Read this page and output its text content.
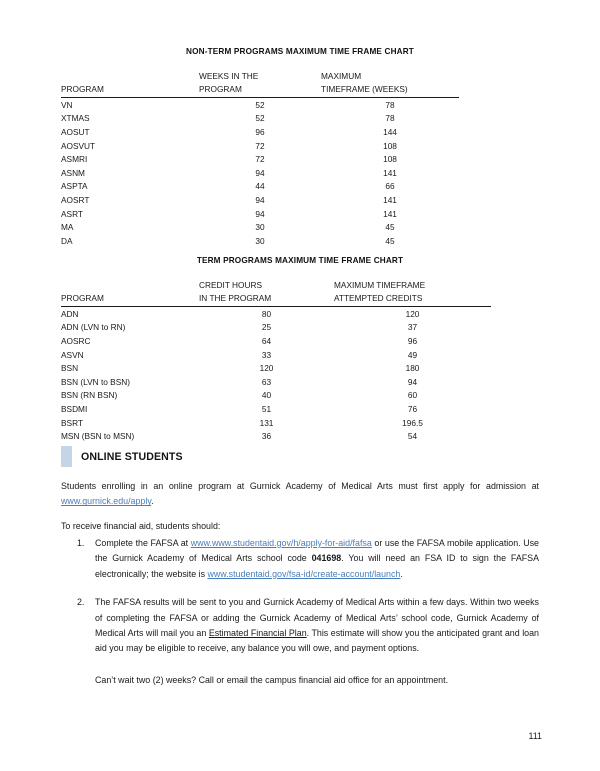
NON-TERM PROGRAMS MAXIMUM TIME FRAME CHART
	WEEKS IN THE	MAXIMUM
PROGRAM	PROGRAM	TIMEFRAME (WEEKS)
VN	52	78
XTMAS	52	78
AOSUT	96	144
AOSVUT	72	108
ASMRI	72	108
ASNM	94	141
ASPTA	44	66
AOSRT	94	141
ASRT	94	141
MA	30	45
DA	30	45
TERM PROGRAMS MAXIMUM TIME FRAME CHART
	CREDIT HOURS	MAXIMUM TIMEFRAME
PROGRAM	IN THE PROGRAM	ATTEMPTED CREDITS
ADN	80	120
ADN (LVN to RN)	25	37
AOSRC	64	96
ASVN	33	49
BSN	120	180
BSN (LVN to BSN)	63	94
BSN (RN BSN)	40	60
BSDMI	51	76
BSRT	131	196.5
MSN (BSN to MSN)	36	54
ONLINE STUDENTS
Students enrolling in an online program at Gurnick Academy of Medical Arts must first apply for admission at www.gurnick.edu/apply.
To receive financial aid, students should:
1.	Complete the FAFSA at www.www.studentaid.gov/h/apply-for-aid/fafsa or use the FAFSA mobile application. Use the Gurnick Academy of Medical Arts school code 041698. You will need an FSA ID to sign the FAFSA electronically; the website is www.studentaid.gov/fsa-id/create-account/launch.
2.	The FAFSA results will be sent to you and Gurnick Academy of Medical Arts within a few days. Within two weeks of completing the FAFSA or adding the Gurnick Academy of Medical Arts’ school code, Gurnick Academy of Medical Arts will mail you an Estimated Financial Plan. This estimate will show you the anticipated grant and loan aid you may be eligible to receive, any balance you will owe, and payment options.
Can’t wait two (2) weeks? Call or email the campus financial aid office for an appointment.
111
